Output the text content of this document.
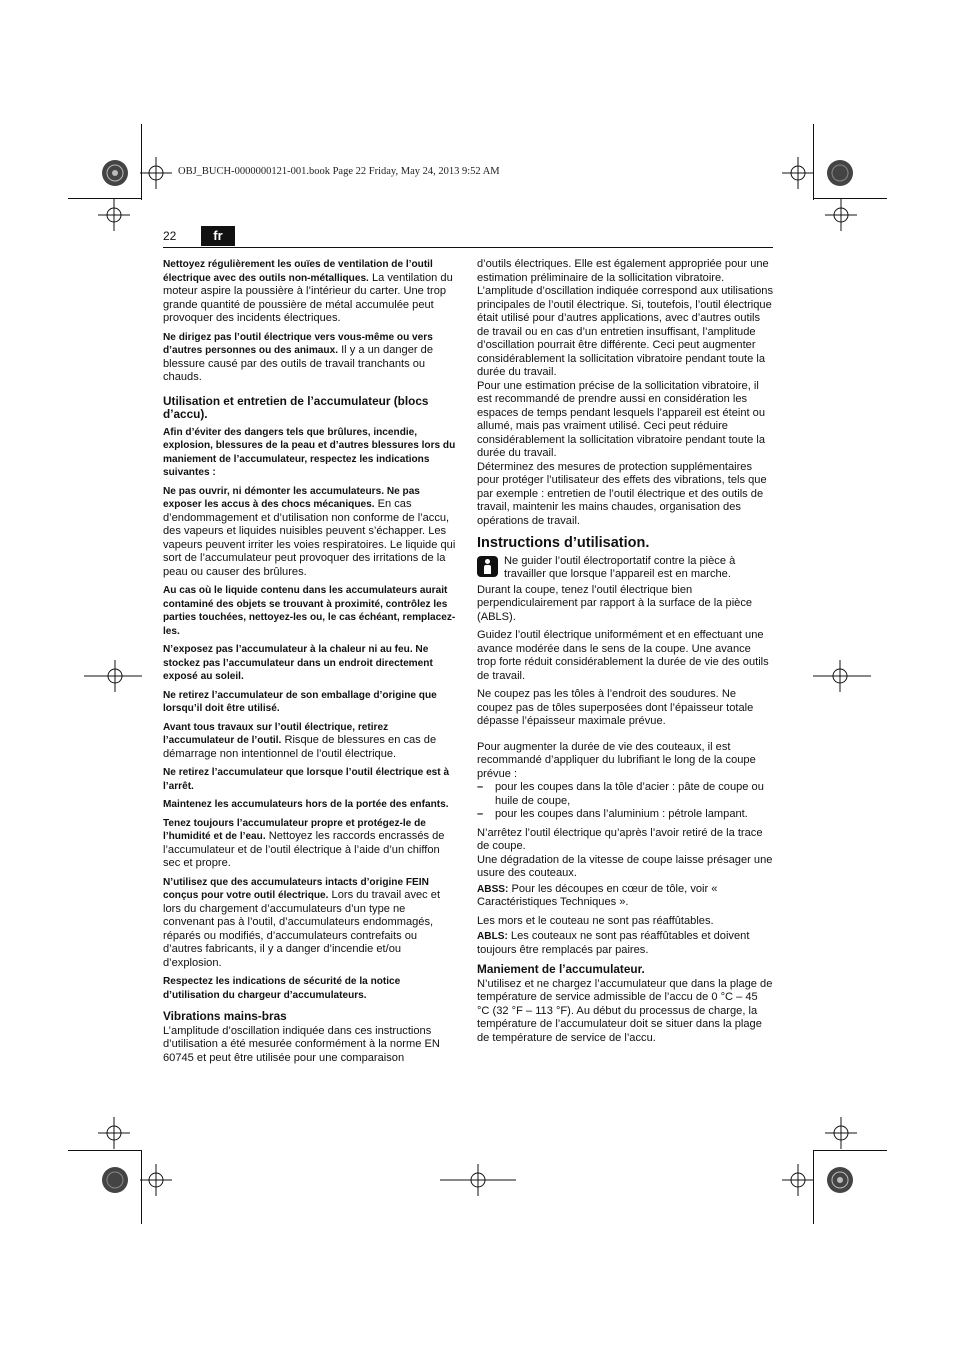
OBJ_BUCH-0000000121-001.book Page 22 Friday, May 24, 2013 9:52 AM
22	fr

Nettoyez régulièrement les ouïes de ventilation de l’outil électrique avec des outils non-métalliques. La ventilation du moteur aspire la poussière à l’intérieur du carter. Une trop grande quantité de poussière de métal accumulée peut provoquer des incidents électriques.

Ne dirigez pas l’outil électrique vers vous-même ou vers d’autres personnes ou des animaux. Il y a un danger de blessure causé par des outils de travail tranchants ou chauds.

Utilisation et entretien de l’accumulateur (blocs d’accu).

Afin d’éviter des dangers tels que brûlures, incendie, explosion, blessures de la peau et d’autres blessures lors du maniement de l’accumulateur, respectez les indications suivantes :

Ne pas ouvrir, ni démonter les accumulateurs. Ne pas exposer les accus à des chocs mécaniques. En cas d’endommagement et d’utilisation non conforme de l’accu, des vapeurs et liquides nuisibles peuvent s’échapper. Les vapeurs peuvent irriter les voies respiratoires. Le liquide qui sort de l’accumulateur peut provoquer des irritations de la peau ou causer des brûlures.

Au cas où le liquide contenu dans les accumulateurs aurait contaminé des objets se trouvant à proximité, contrôlez les parties touchées, nettoyez-les ou, le cas échéant, remplacez-les.

N’exposez pas l’accumulateur à la chaleur ni au feu. Ne stockez pas l’accumulateur dans un endroit directement exposé au soleil.

Ne retirez l’accumulateur de son emballage d’origine que lorsqu’il doit être utilisé.

Avant tous travaux sur l’outil électrique, retirez l’accumulateur de l’outil. Risque de blessures en cas de démarrage non intentionnel de l’outil électrique.

Ne retirez l’accumulateur que lorsque l’outil électrique est à l’arrêt.

Maintenez les accumulateurs hors de la portée des enfants.

Tenez toujours l’accumulateur propre et protégez-le de l’humidité et de l’eau. Nettoyez les raccords encrassés de l’accumulateur et de l’outil électrique à l’aide d’un chiffon sec et propre.

N’utilisez que des accumulateurs intacts d’origine FEIN conçus pour votre outil électrique. Lors du travail avec et lors du chargement d’accumulateurs d’un type ne convenant pas à l’outil, d’accumulateurs endommagés, réparés ou modifiés, d’accumulateurs contrefaits ou d’autres fabricants, il y a danger d’incendie et/ou d’explosion.

Respectez les indications de sécurité de la notice d’utilisation du chargeur d’accumulateurs.

Vibrations mains-bras

L’amplitude d’oscillation indiquée dans ces instructions d’utilisation a été mesurée conformément à la norme EN 60745 et peut être utilisée pour une comparaison

d’outils électriques. Elle est également appropriée pour une estimation préliminaire de la sollicitation vibratoire. L’amplitude d’oscillation indiquée correspond aux utilisations principales de l’outil électrique. Si, toutefois, l’outil électrique était utilisé pour d’autres applications, avec d’autres outils de travail ou en cas d’un entretien insuffisant, l’amplitude d’oscillation pourrait être différente. Ceci peut augmenter considérablement la sollicitation vibratoire pendant toute la durée du travail.

Pour une estimation précise de la sollicitation vibratoire, il est recommandé de prendre aussi en considération les espaces de temps pendant lesquels l’appareil est éteint ou allumé, mais pas vraiment utilisé. Ceci peut réduire considérablement la sollicitation vibratoire pendant toute la durée du travail.

Déterminez des mesures de protection supplémentaires pour protéger l’utilisateur des effets des vibrations, tels que par exemple : entretien de l’outil électrique et des outils de travail, maintenir les mains chaudes, organisation des opérations de travail.

Instructions d’utilisation.
Ne guider l’outil électroportatif contre la pièce à travailler que lorsque l’appareil est en marche.

Durant la coupe, tenez l’outil électrique bien perpendiculairement par rapport à la surface de la pièce (ABLS).

Guidez l’outil électrique uniformément et en effectuant une avance modérée dans le sens de la coupe. Une avance trop forte réduit considérablement la durée de vie des outils de travail.

Ne coupez pas les tôles à l’endroit des soudures. Ne coupez pas de tôles superposées dont l’épaisseur totale dépasse l’épaisseur maximale prévue.

Pour augmenter la durée de vie des couteaux, il est recommandé d’appliquer du lubrifiant le long de la coupe prévue :

– pour les coupes dans la tôle d’acier : pâte de coupe ou huile de coupe,
– pour les coupes dans l’aluminium : pétrole lampant.

N’arrêtez l’outil électrique qu’après l’avoir retiré de la trace de coupe.

Une dégradation de la vitesse de coupe laisse présager une usure des couteaux.

ABSS: Pour les découpes en cœur de tôle, voir « Caractéristiques Techniques ».

Les mors et le couteau ne sont pas réaffûtables.

ABLS: Les couteaux ne sont pas réaffûtables et doivent toujours être remplacés par paires.

Maniement de l’accumulateur.

N’utilisez et ne chargez l’accumulateur que dans la plage de température de service admissible de l’accu de 0 °C – 45 °C (32 °F – 113 °F). Au début du processus de charge, la température de l’accumulateur doit se situer dans la plage de température de service de l’accu.
